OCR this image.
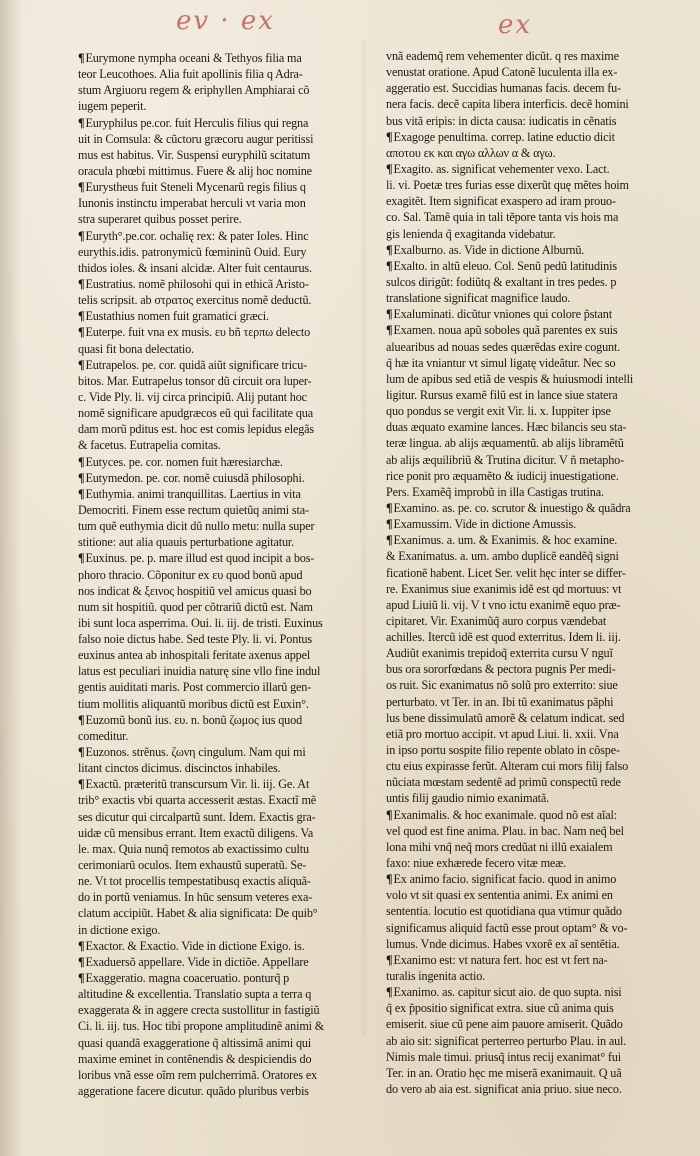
ev · ex	ex
¶Eurymone nympha oceani & Tethyos filia ma
teor Leucothoes. Alia fuit apollinis filia q Adra-
stum Argiuoru regem & eriphyllen Amphiarai cõ
iugem peperit.
¶Euryphilus pe.cor. fuit Herculis filius qui regna
uit in Comsula: & cũctoru græcoru augur peritissi
mus est habitus. Vir. Suspensi euryphilũ scitatum
oracula phœbi mittimus. Fuere & alij hoc nomine
¶Eurystheus fuit Steneli Mycenarũ regis filius q
Iunonis instinctu imperabat herculi vt varia mon
stra superaret quibus posset perire.
¶Euryth°.pe.cor. ochalię rex: & pater Ioles. Hinc
eurythis.idis. patronymicũ fœmininũ Ouid. Eury
thidos ioles. & insani alcidæ. Alter fuit centaurus.
¶Eustratius. nomẽ philosohi qui in ethicã Aristo-
telis scripsit. ab στρατος exercitus nomẽ deductũ.
¶Eustathius nomen fuit gramatici græci.
¶Euterpe. fuit vna ex musis. ευ bñ τερπω delecto
quasi fit bona delectatio.
¶Eutrapelos. pe. cor. quidã aiũt significare tricu-
bitos. Mar. Eutrapelus tonsor dũ circuit ora luper-
c. Vide Ply. li. vij circa principiũ. Alij putant hoc
nomẽ significare apudgræcos eũ qui facilitate qua
dam morũ pditus est. hoc est comis lepidus elegãs
& facetus. Eutrapelia comitas.
¶Eutyces. pe. cor. nomen fuit hæresiarchæ.
¶Eutymedon. pe. cor. nomẽ cuiusdã philosophi.
¶Euthymia. animi tranquillitas. Laertius in vita
Democriti. Finem esse rectum quietũq animi sta-
tum quẽ euthymia dicit dũ nullo metu: nulla super
stitione: aut alia quauis perturbatione agitatur.
¶Euxinus. pe. p. mare illud est quod incipit a bos-
phoro thracio. Cõponitur ex ευ quod bonũ apud
nos indicat & ξεινος hospitiũ vel amicus quasi bo
num sit hospitiũ. quod per cõtrariũ dictũ est. Nam
ibi sunt loca asperrima. Oui. li. iij. de tristi. Euxinus
falso noie dictus habe. Sed teste Ply. li. vi. Pontus
euxinus antea ab inhospitali feritate axenus appel
latus est peculiari inuidia naturę sine vllo fine indul
gentis auiditati maris. Post commercio illarũ gen-
tium mollitis aliquantũ moribus dictũ est Euxin°.
¶Euzomũ bonũ ius. ευ. n. bonũ ζωμος ius quod
comeditur.
¶Euzonos. strẽnus. ζωνη cingulum. Nam qui mi
litant cinctos dicimus. discinctos inhabiles.
¶Exactũ. præteritũ transcursum Vir. li. iij. Ge. At
trib° exactis vbi quarta accesserit æstas. Exactĩ mẽ
ses dicutur qui circalpartũ sunt. Idem. Exactis gra-
uidæ cũ mensibus errant. Item exactũ diligens. Va
le. max. Quia nunq̃ remotos ab exactissimo cultu
cerimoniarũ oculos. Item exhaustũ superatũ. Se-
ne. Vt tot procellis tempestatibusq exactis aliquã-
do in portũ veniamus. In hūc sensum veteres exa-
clatum accipiũt. Habet & alia significata: De quib°
in dictione exigo.
¶Exactor. & Exactio. Vide in dictione Exigo. is.
¶Exaduersõ appellare. Vide in dictiõe. Appellare
¶Exaggeratio. magna coaceruatio. ponturq̃ p
altitudine & excellentia. Translatio supta a terra q
exaggerata & in aggere crecta sustollitur in fastigiũ
Ci. li. iij. tus. Hoc tibi propone amplitudinẽ animi &
quasi quandã exaggeratione q̃ altissimã animi qui
maxime eminet in contẽnendis & despiciendis do
loribus vnã esse oĩm rem pulcherrimã. Oratores ex
aggeratione facere dicutur. quãdo pluribus verbis
vnã eademq̃ rem vehementer dicũt. q res maxime
venustat oratione. Apud Catonẽ luculenta illa ex-
aggeratio est. Succidias humanas facis. decem fu-
nera facis. decẽ capita libera interficis. decẽ homini
bus vitã eripis: in dicta causa: iudicatis in cẽnatis
¶Exagoge penultima. correp. latine eductio dicit
αποτου εκ και αγω αλλων α & αγω.
¶Exagito. as. significat vehementer vexo. Lact.
li. vi. Poetæ tres furias esse dixerũt quę mẽtes hoim
exagitẽt. Item significat exaspero ad iram prouo-
co. Sal. Tamẽ quia in tali tẽpore tanta vis hois ma
gis lenienda q̃ exagitanda videbatur.
¶Exalburno. as. Vide in dictione Alburnũ.
¶Exalto. in altũ eleuo. Col. Senũ pedũ latitudinis
sulcos dirigũt: fodiũtq & exaltant in tres pedes. p
translatione significat magnifice laudo.
¶Exaluminati. dicũtur vniones qui colore p̃stant
¶Examen. noua apũ soboles quã parentes ex suis
aluearibus ad nouas sedes quærẽdas exire cogunt.
q̃ hæ ita vniantur vt simul ligatę videãtur. Nec so
lum de apibus sed etiã de vespis & huiusmodi intelli
ligitur. Rursus examẽ filũ est in lance siue statera
quo pondus se vergit exit Vir. li. x. Iuppiter ipse
duas æquato examine lances. Hæc bilancis seu sta-
teræ lingua. ab alijs æquamentũ. ab alijs libramẽtũ
ab alijs æquilibriũ & Trutina dicitur. V ñ metapho-
rice ponit pro æquamẽto & iudicij inuestigatione.
Pers. Examẽq̃ improbũ in illa Castigas trutina.
¶Examino. as. pe. co. scrutor & inuestigo & quãdra
¶Examussim. Vide in dictione Amussis.
¶Exanimus. a. um. & Exanimis. & hoc examine.
& Exanimatus. a. um. ambo duplicẽ eandẽq̃ signi
ficationẽ habent. Licet Ser. velit hęc inter se differ-
re. Exanimus siue exanimis idẽ est qd mortuus: vt
apud Liuiũ li. vij. V t vno ictu exanimẽ equo præ-
cipitaret. Vir. Exanimũq̃ auro corpus vændebat
achilles. Itercũ idẽ est quod exterritus. Idem li. iij.
Audiũt exanimis trepidoq̃ exterrita cursu V nguĩ
bus ora sororfœdans & pectora pugnis Per medi-
os ruit. Sic exanimatus nõ solũ pro exterrito: siue
perturbato. vt Ter. in an. Ibi tũ exanimatus pãphi
lus bene dissimulatũ amorẽ & celatum indicat. sed
etiã pro mortuo accipit. vt apud Liui. li. xxii. Vna
in ipso portu sospite filio repente oblato in cõspe-
ctu eius expirasse ferũt. Alteram cui mors filij falso
nũciata mœstam sedentẽ ad primũ conspectũ rede
untis filij gaudio nimio exanimatã.
¶Exanimalis. & hoc exanimale. quod nõ est aĩal:
vel quod est fine anima. Plau. in bac. Nam neq̃ bel
lona mihi vnq̃ neq̃ mors credũat ni illũ exaialem
faxo: niue exhærede fecero vitæ meæ.
¶Ex animo facio. significat facio. quod in animo
volo vt sit quasi ex sententia animi. Ex animi en
sententia. locutio est quotidiana qua vtimur quãdo
significamus aliquid factũ esse prout optam° & vo-
lumus. Vnde dicimus. Habes vxorẽ ex aĩ sentẽtia.
¶Exanimo est: vt natura fert. hoc est vt fert na-
turalis ingenita actio.
¶Exanimo. as. capitur sicut aio. de quo supta. nisi
q̃ ex p̃positio significat extra. siue cũ anima quis
emiserit. siue cũ pene aim pauore amiserit. Quãdo
ab aio sit: significat perterreo perturbo Plau. in aul.
Nimis male timui. priusq̃ intus recij exanimat° fui
Ter. in an. Oratio hęc me miserã exanimauit. Q uã
do vero ab aia est. significat ania priuo. siue neco.
